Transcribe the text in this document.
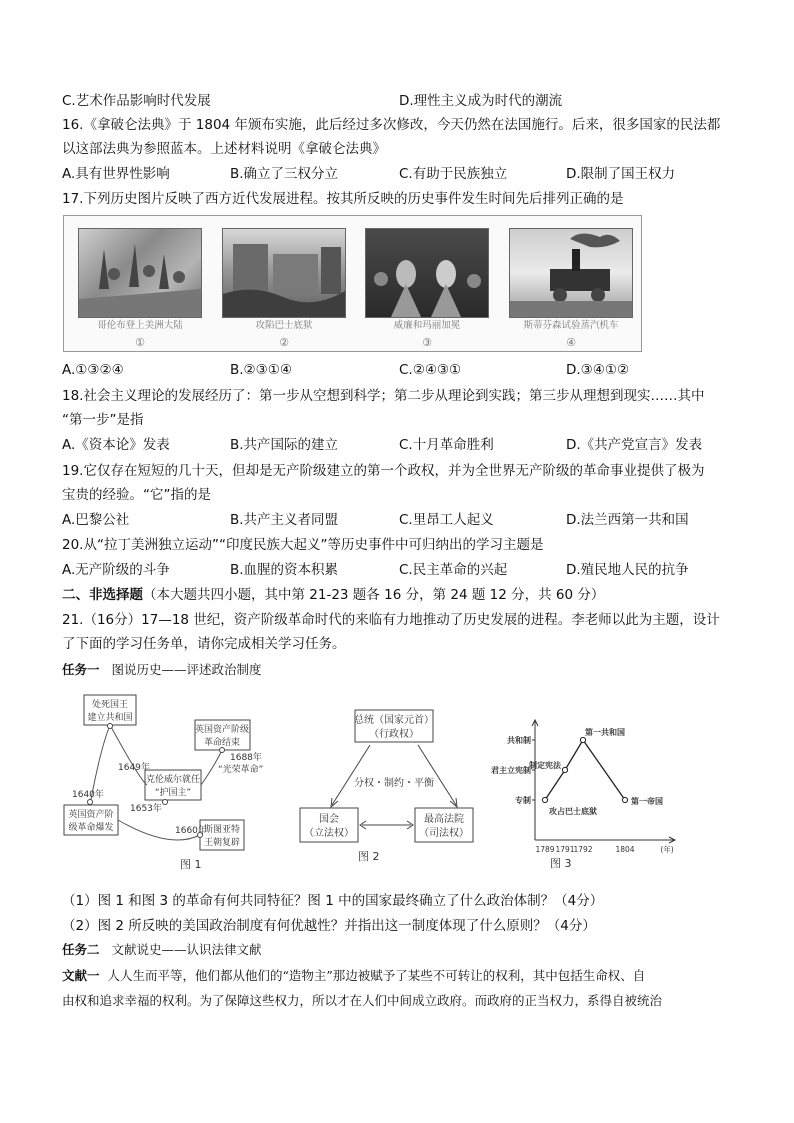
C.艺术作品影响时代发展	D.理性主义成为时代的潮流
16.《拿破仑法典》于 1804 年颁布实施，此后经过多次修改，今天仍然在法国施行。后来，很多国家的民法都
以这部法典为参照蓝本。上述材料说明《拿破仑法典》
A.具有世界性影响	B.确立了三权分立	C.有助于民族独立	D.限制了国王权力
17.下列历史图片反映了西方近代发展进程。按其所反映的历史事件发生时间先后排列正确的是
哥伦布登上美洲大陆	攻陷巴士底狱	威廉和玛丽加冕	斯蒂芬森试验蒸汽机车
①	②	③	④
A.①③②④	B.②③①④	C.②④③①	D.③④①②
18.社会主义理论的发展经历了：第一步从空想到科学；第二步从理论到实践；第三步从理想到现实……其中
“第一步”是指
A.《资本论》发表	B.共产国际的建立	C.十月革命胜利	D.《共产党宣言》发表
19.它仅存在短短的几十天，但却是无产阶级建立的第一个政权，并为全世界无产阶级的革命事业提供了极为
宝贵的经验。“它”指的是
A.巴黎公社	B.共产主义者同盟	C.里昂工人起义	D.法兰西第一共和国
20.从“拉丁美洲独立运动”“印度民族大起义”等历史事件中可归纳出的学习主题是
A.无产阶级的斗争	B.血腥的资本积累	C.民主革命的兴起	D.殖民地人民的抗争
二、非选择题（本大题共四小题，其中第 21-23 题各 16 分，第 24 题 12 分，共 60 分）
21.（16分）17—18 世纪，资产阶级革命时代的来临有力地推动了历史发展的进程。李老师以此为主题，设计
了下面的学习任务单，请你完成相关学习任务。
任务一 图说历史——评述政治制度
处死国王
建立共和国
英国资产阶级
革命结束
克伦威尔就任
“护国主”
英国资产阶
级革命爆发	斯图亚特
王朝复辟
1649年
1640年
1653年
1660年
1688年
“光荣革命”
图 1
总统（国家元首）
（行政权）
国会
（立法权）
最高法院
（司法权）
分权・制约・平衡
图 2
共和制
君主立宪制
专制
1789 1791
1792	1804	(年)
攻占巴士底狱
制定宪法
第一共和国
第一帝国
图 3
（1）图 1 和图 3 的革命有何共同特征？图 1 中的国家最终确立了什么政治体制？（4分）
（2）图 2 所反映的美国政治制度有何优越性？并指出这一制度体现了什么原则？（4分）
任务二 文献说史——认识法律文献
文献一 人人生而平等，他们都从他们的“造物主”那边被赋予了某些不可转让的权利，其中包括生命权、自
由权和追求幸福的权利。为了保障这些权力，所以才在人们中间成立政府。而政府的正当权力，系得自被统治
